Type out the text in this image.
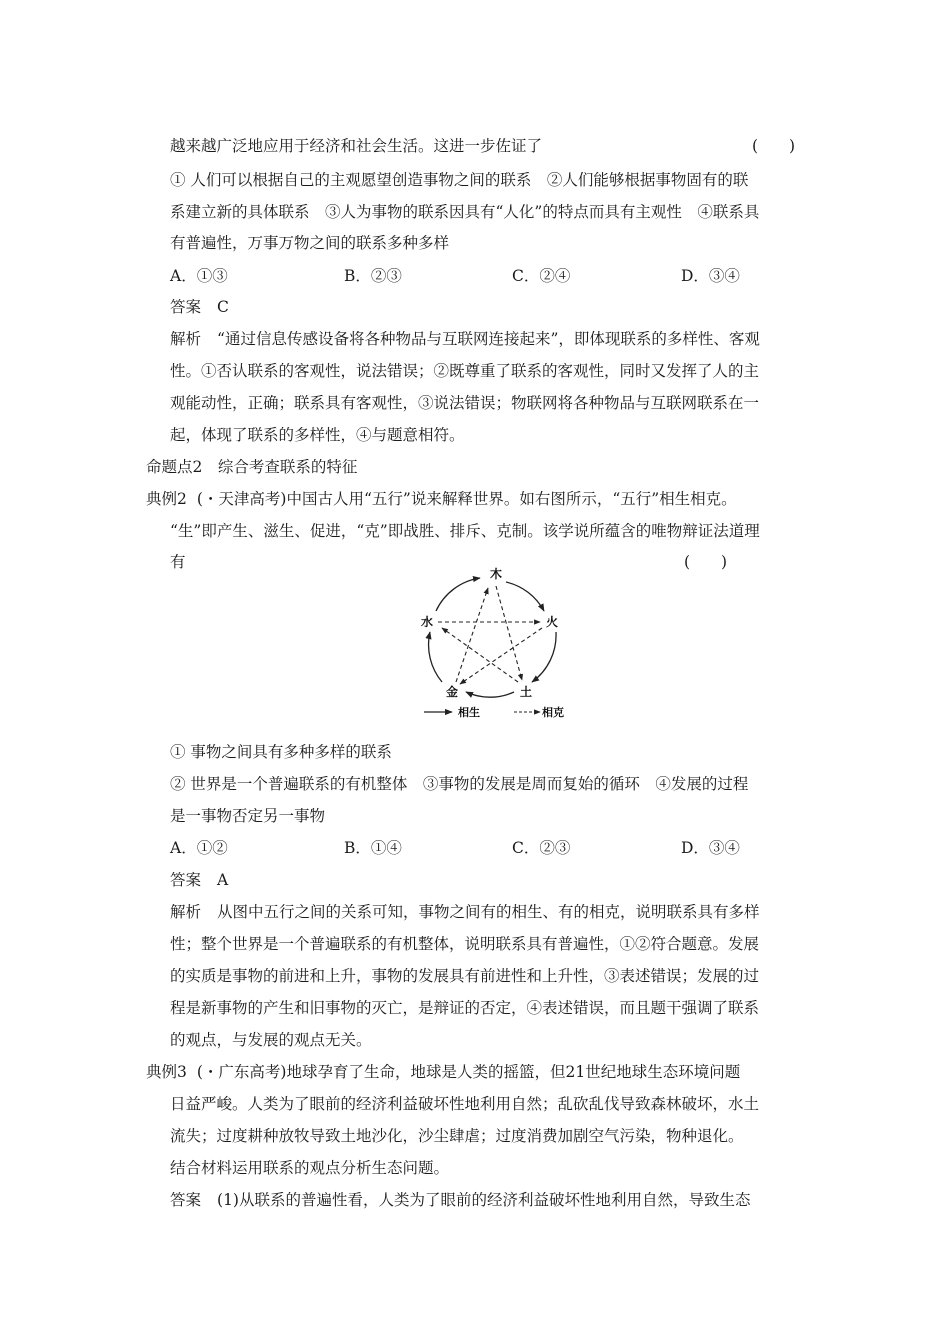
越来越广泛地应用于经济和社会生活。这进一步佐证了	(　　)
① 人们可以根据自己的主观愿望创造事物之间的联系　②人们能够根据事物固有的联
系建立新的具体联系　③人为事物的联系因具有“人化”的特点而具有主观性　④联系具
有普遍性，万事万物之间的联系多种多样
A．①③	B．②③	C．②④	D．③④
答案 C
解析 “通过信息传感设备将各种物品与互联网连接起来”，即体现联系的多样性、客观
性。①否认联系的客观性，说法错误；②既尊重了联系的客观性，同时又发挥了人的主
观能动性，正确；联系具有客观性，③说法错误；物联网将各种物品与互联网联系在一
起，体现了联系的多样性，④与题意相符。
命题点2　综合考查联系的特征
典例2 (・天津高考)中国古人用“五行”说来解释世界。如右图所示，“五行”相生相克。
“生”即产生、滋生、促进，“克”即战胜、排斥、克制。该学说所蕴含的唯物辩证法道理
有	(　　)
木
火
土
金
水
相生	相克
① 事物之间具有多种多样的联系
② 世界是一个普遍联系的有机整体　③事物的发展是周而复始的循环　④发展的过程
是一事物否定另一事物
A．①②	B．①④	C．②③	D．③④
答案 A
解析 从图中五行之间的关系可知，事物之间有的相生、有的相克，说明联系具有多样
性；整个世界是一个普遍联系的有机整体，说明联系具有普遍性，①②符合题意。发展
的实质是事物的前进和上升，事物的发展具有前进性和上升性，③表述错误；发展的过
程是新事物的产生和旧事物的灭亡，是辩证的否定，④表述错误，而且题干强调了联系
的观点，与发展的观点无关。
典例3 (・广东高考)地球孕育了生命，地球是人类的摇篮，但21世纪地球生态环境问题
日益严峻。人类为了眼前的经济利益破坏性地利用自然；乱砍乱伐导致森林破坏，水土
流失；过度耕种放牧导致土地沙化，沙尘肆虐；过度消费加剧空气污染，物种退化。
结合材料运用联系的观点分析生态问题。
答案 (1)从联系的普遍性看，人类为了眼前的经济利益破坏性地利用自然，导致生态
